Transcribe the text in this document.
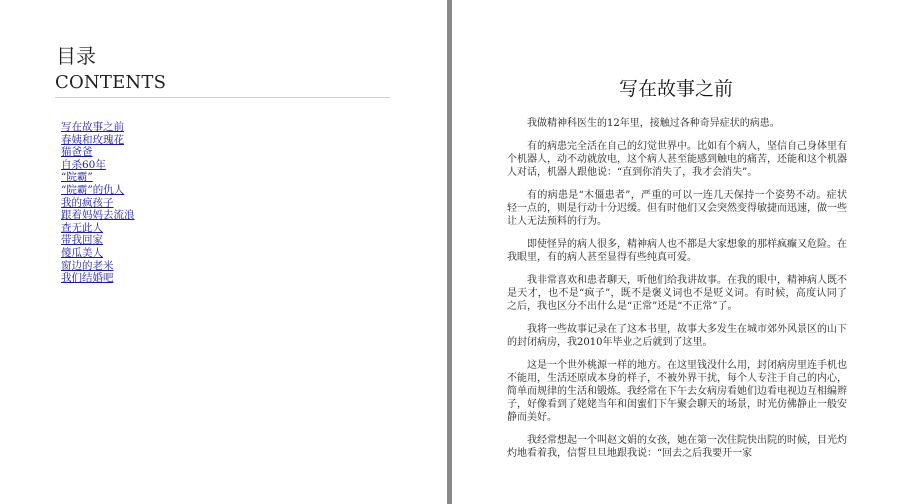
目录
CONTENTS
写在故事之前
春姨和玫瑰花
猫爸爸
自杀60年
“院霸”
“院霸”的仇人
我的疯孩子
跟着妈妈去流浪
查无此人
带我回家
傻瓜美人
窗边的老米
我们结婚吧
写在故事之前

我做精神科医生的12年里，接触过各种奇异症状的病患。

有的病患完全活在自己的幻觉世界中。比如有个病人，坚信自己身体里有个机器人，动不动就放电，这个病人甚至能感到触电的痛苦，还能和这个机器人对话，机器人跟他说：“直到你消失了，我才会消失”。

有的病患是“木僵患者”，严重的可以一连几天保持一个姿势不动。症状轻一点的，则是行动十分迟缓。但有时他们又会突然变得敏捷而迅速，做一些让人无法预料的行为。

即使怪异的病人很多，精神病人也不都是大家想象的那样疯癫又危险。在我眼里，有的病人甚至显得有些纯真可爱。

我非常喜欢和患者聊天，听他们给我讲故事。在我的眼中，精神病人既不是天才，也不是“疯子”，既不是褒义词也不是贬义词。有时候，高度认同了之后，我也区分不出什么是“正常”还是“不正常”了。

我将一些故事记录在了这本书里，故事大多发生在城市郊外风景区的山下的封闭病房，我2010年毕业之后就到了这里。

这是一个世外桃源一样的地方。在这里钱没什么用，封闭病房里连手机也不能用，生活还原成本身的样子，不被外界干扰，每个人专注于自己的内心，简单而规律的生活和锻炼。我经常在下午去女病房看她们边看电视边互相编辫子，好像看到了姥姥当年和闺蜜们下午聚会聊天的场景，时光仿佛静止一般安静而美好。

我经常想起一个叫赵文娟的女孩，她在第一次住院快出院的时候，目光灼灼地看着我，信誓旦旦地跟我说：“回去之后我要开一家
